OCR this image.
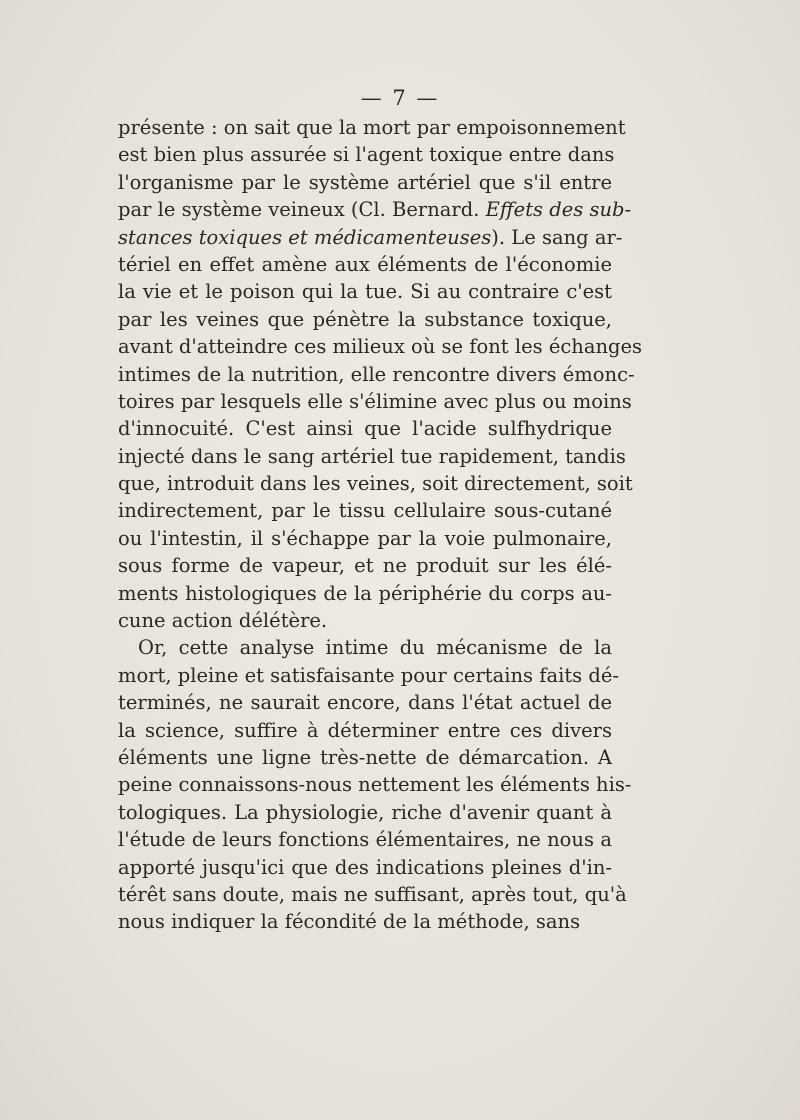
— 7 —
présente : on sait que la mort par empoisonnement
est bien plus assurée si l'agent toxique entre dans
l'organisme par le système artériel que s'il entre
par le système veineux (Cl. Bernard. Effets des sub-
stances toxiques et médicamenteuses). Le sang ar-
tériel en effet amène aux éléments de l'économie
la vie et le poison qui la tue. Si au contraire c'est
par les veines que pénètre la substance toxique,
avant d'atteindre ces milieux où se font les échanges
intimes de la nutrition, elle rencontre divers émonc-
toires par lesquels elle s'élimine avec plus ou moins
d'innocuité. C'est ainsi que l'acide sulfhydrique
injecté dans le sang artériel tue rapidement, tandis
que, introduit dans les veines, soit directement, soit
indirectement, par le tissu cellulaire sous-cutané
ou l'intestin, il s'échappe par la voie pulmonaire,
sous forme de vapeur, et ne produit sur les élé-
ments histologiques de la périphérie du corps au-
cune action délétère.
Or, cette analyse intime du mécanisme de la
mort, pleine et satisfaisante pour certains faits dé-
terminés, ne saurait encore, dans l'état actuel de
la science, suffire à déterminer entre ces divers
éléments une ligne très-nette de démarcation. A
peine connaissons-nous nettement les éléments his-
tologiques. La physiologie, riche d'avenir quant à
l'étude de leurs fonctions élémentaires, ne nous a
apporté jusqu'ici que des indications pleines d'in-
térêt sans doute, mais ne suffisant, après tout, qu'à
nous indiquer la fécondité de la méthode, sans
